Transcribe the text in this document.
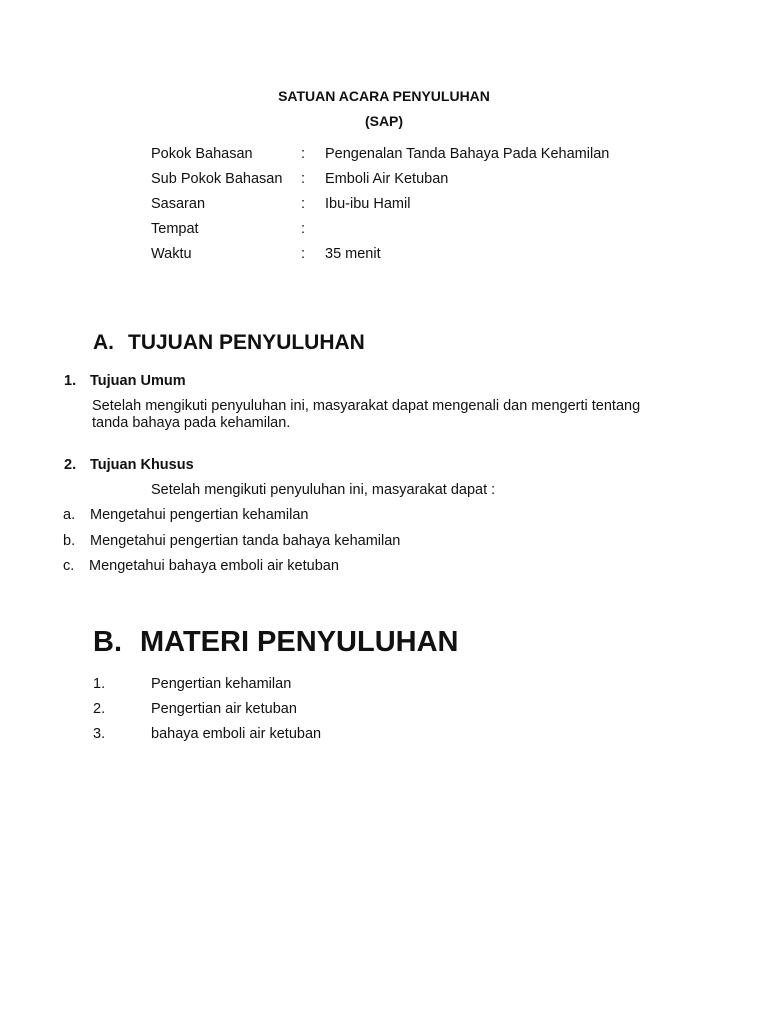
SATUAN ACARA PENYULUHAN
(SAP)
Pokok Bahasan	: Pengenalan Tanda Bahaya Pada Kehamilan
Sub Pokok Bahasan : Emboli Air Ketuban
Sasaran	: Ibu-ibu Hamil
Tempat	:
Waktu	: 35 menit
A. TUJUAN PENYULUHAN
1. Tujuan Umum
Setelah mengikuti penyuluhan ini, masyarakat dapat mengenali dan mengerti tentang tanda bahaya pada kehamilan.
2. Tujuan Khusus
Setelah mengikuti penyuluhan ini, masyarakat dapat :
a. Mengetahui pengertian kehamilan
b. Mengetahui pengertian tanda bahaya kehamilan
c. Mengetahui bahaya emboli air ketuban
B. MATERI PENYULUHAN
1.	Pengertian kehamilan
2.	Pengertian air ketuban
3.	bahaya emboli air ketuban
